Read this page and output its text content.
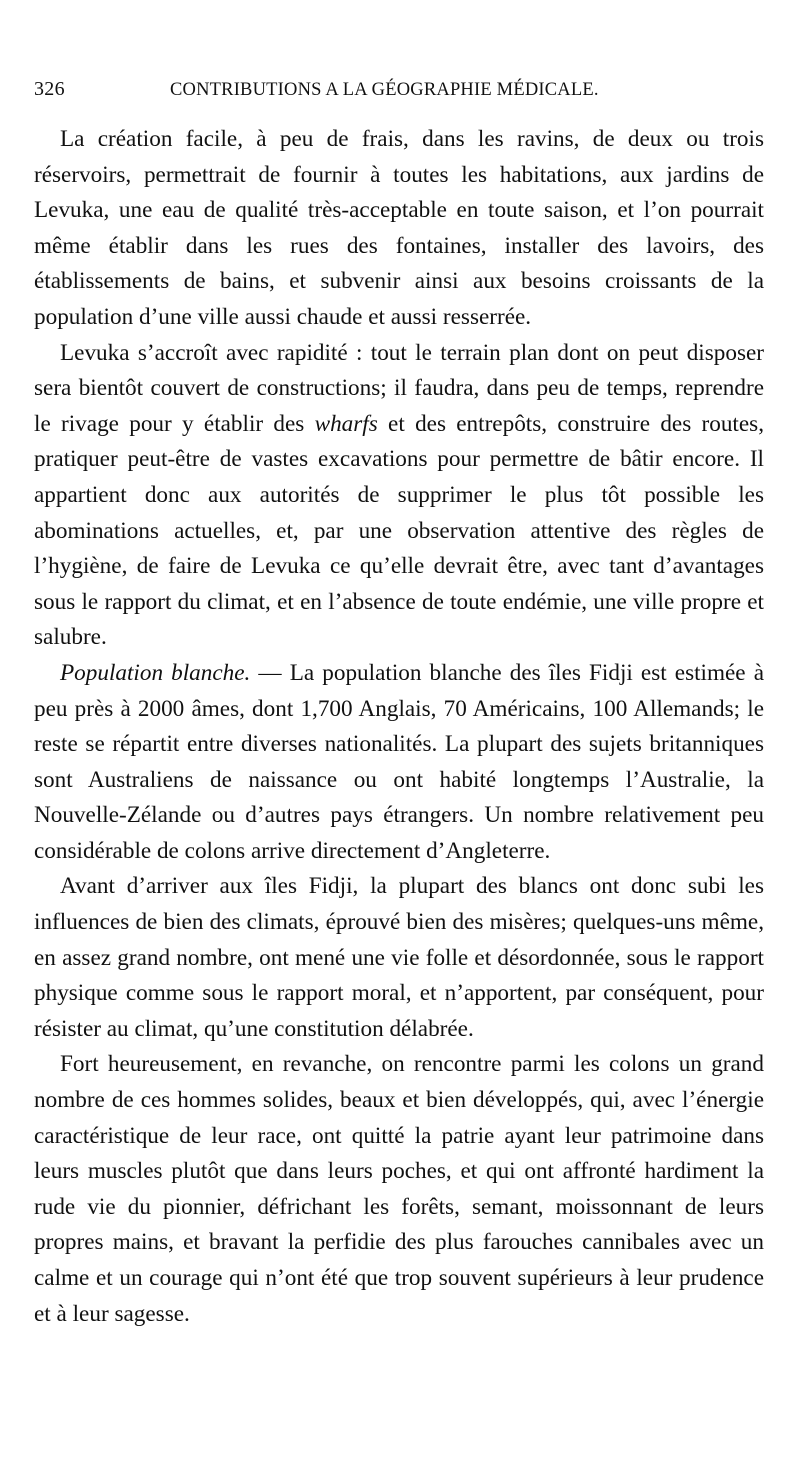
326	CONTRIBUTIONS A LA GÉOGRAPHIE MÉDICALE.

La création facile, à peu de frais, dans les ravins, de deux ou trois réservoirs, permettrait de fournir à toutes les habitations, aux jardins de Levuka, une eau de qualité très-acceptable en toute saison, et l’on pourrait même établir dans les rues des fontaines, installer des lavoirs, des établissements de bains, et subvenir ainsi aux besoins croissants de la population d’une ville aussi chaude et aussi resserrée.

Levuka s’accroît avec rapidité : tout le terrain plan dont on peut disposer sera bientôt couvert de constructions; il faudra, dans peu de temps, reprendre le rivage pour y établir des wharfs et des entrepôts, construire des routes, pratiquer peut-être de vastes excavations pour permettre de bâtir encore. Il appartient donc aux autorités de supprimer le plus tôt possible les abominations actuelles, et, par une observation attentive des règles de l’hygiène, de faire de Levuka ce qu’elle devrait être, avec tant d’avantages sous le rapport du climat, et en l’absence de toute endémie, une ville propre et salubre.

Population blanche. — La population blanche des îles Fidji est estimée à peu près à 2000 âmes, dont 1,700 Anglais, 70 Américains, 100 Allemands; le reste se répartit entre diverses nationalités. La plupart des sujets britanniques sont Australiens de naissance ou ont habité longtemps l’Australie, la Nouvelle-Zélande ou d’autres pays étrangers. Un nombre relativement peu considérable de colons arrive directement d’Angleterre.

Avant d’arriver aux îles Fidji, la plupart des blancs ont donc subi les influences de bien des climats, éprouvé bien des misères; quelques-uns même, en assez grand nombre, ont mené une vie folle et désordonnée, sous le rapport physique comme sous le rapport moral, et n’apportent, par conséquent, pour résister au climat, qu’une constitution délabrée.

Fort heureusement, en revanche, on rencontre parmi les colons un grand nombre de ces hommes solides, beaux et bien développés, qui, avec l’énergie caractéristique de leur race, ont quitté la patrie ayant leur patrimoine dans leurs muscles plutôt que dans leurs poches, et qui ont affronté hardiment la rude vie du pionnier, défrichant les forêts, semant, moissonnant de leurs propres mains, et bravant la perfidie des plus farouches cannibales avec un calme et un courage qui n’ont été que trop souvent supérieurs à leur prudence et à leur sagesse.
